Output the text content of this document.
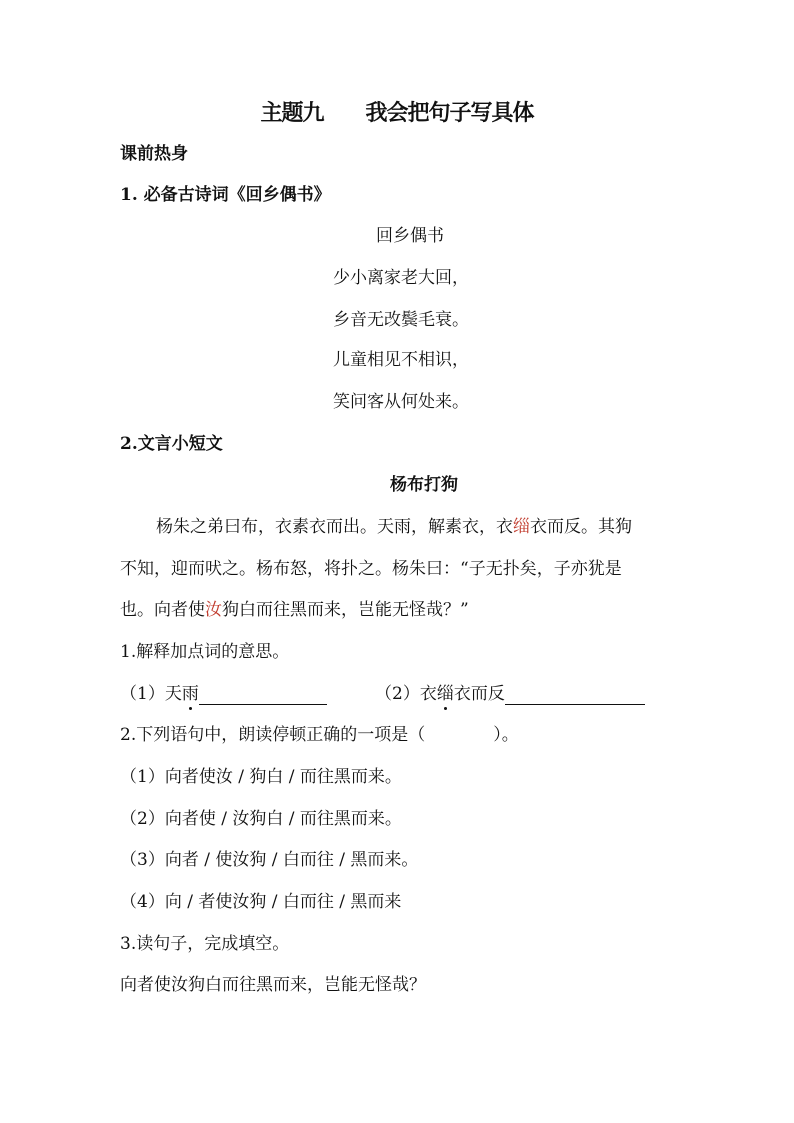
主题九　　我会把句子写具体
课前热身
1. 必备古诗词《回乡偶书》
回乡偶书
少小离家老大回，
乡音无改鬓毛衰。
儿童相见不相识，
笑问客从何处来。
2.文言小短文
杨布打狗
杨朱之弟曰布，衣素衣而出。天雨，解素衣，衣缁衣而反。其狗
不知，迎而吠之。杨布怒，将扑之。杨朱曰：“子无扑矣，子亦犹是
也。向者使汝狗白而往黑而来，岂能无怪哉？”
1.解释加点词的意思。
（1）天雨	（2）衣缁衣而反
2.下列语句中，朗读停顿正确的一项是（　　　　）。
（1）向者使汝 / 狗白 / 而往黑而来。
（2）向者使 / 汝狗白 / 而往黑而来。
（3）向者 / 使汝狗 / 白而往 / 黑而来。
（4）向 / 者使汝狗 / 白而往 / 黑而来
3.读句子，完成填空。
向者使汝狗白而往黑而来，岂能无怪哉？
